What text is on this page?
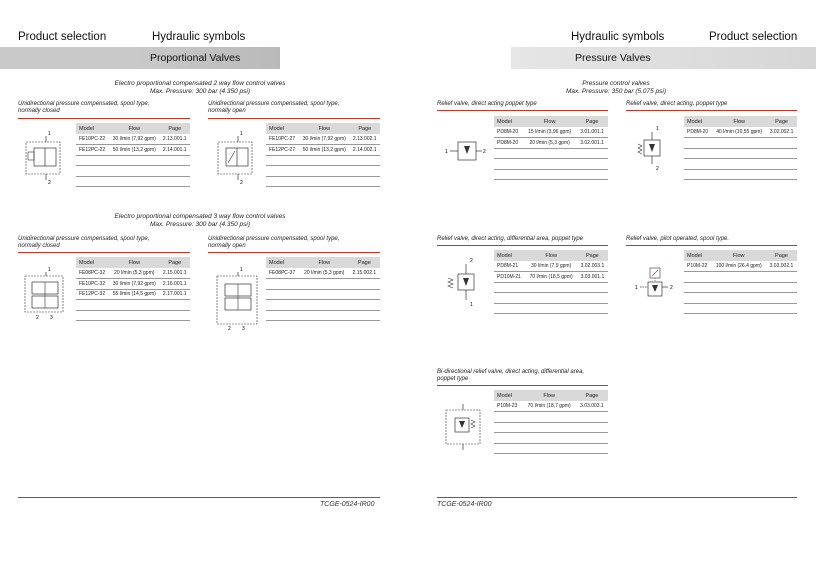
Product selection	Hydraulic symbols
Proportional Valves
Electro proportional compensated 2 way flow control valves
Max. Pressure: 300 bar (4.350 psi)
Unidirectional pressure compensated, spool type,
normally closed
1
2
Model	Flow	Page
FE10PC-22	30 l/min (7,92 gpm)	2.13.001.1
FE12PC-22	50 l/min (13,2 gpm)	2.14.001.1

Unidirectional pressure compensated, spool type,
normally open
1
2
Model	Flow	Page
FE10PC-27	30 l/min (7,92 gpm)	2.13.002.1
FE12PC-27	50 l/min (13,2 gpm)	2.14.002.1

Electro proportional compensated 3 way flow control valves
Max. Pressure: 300 bar (4.350 psi)
Unidirectional pressure compensated, spool type,
normally closed
1
2 3
Model	Flow	Page
FE08PC-32	20 l/min (5,3 gpm)	2.15.001.1
FE10PC-32	30 l/min (7,92 gpm)	2.16.001.1
FE12PC-32	55 l/min (14,5 gpm)	2.17.001.1

Unidirectional pressure compensated, spool type,
normally open
1
2 3
Model	Flow	Page
FE08PC-37	20 l/min (5,3 gpm)	2.15.002.1

TCGE-0524-IR00
Hydraulic symbols	Product selection
Pressure Valves
Pressure control valves
Max. Pressure: 350 bar (5.075 psi)
Relief valve, direct acting poppet type
1	2
Model	Flow	Page
PD8M-20	15 l/min (3,96 gpm)	3.01.001.1
PD8M-20	20 l/min (5,3 gpm)	3.02.001.1

Relief valve, direct acting, poppet type
1
2
Model	Flow	Page
PD8M-20	40 l/min (10,55 gpm)	3.02.002.1

Relief valve, direct acting, differential area, poppet type
2
1
Model	Flow	Page
PD8M-21	30 l/min (7,9 gpm)	3.02.003.1
PD10M-21	70 l/min (18,5 gpm)	3.03.001.1

Relief valve, pilot operated, spool type.
1	2
Model	Flow	Page
P10M-22	100 l/min (26,4 gpm)	3.03.002.1

Bi-directional relief valve, direct acting, differential area,
poppet type
Model	Flow	Page
P10M-23	70 l/min (18,7 gpm)	3.03.003.1

TCGE-0524-IR00
